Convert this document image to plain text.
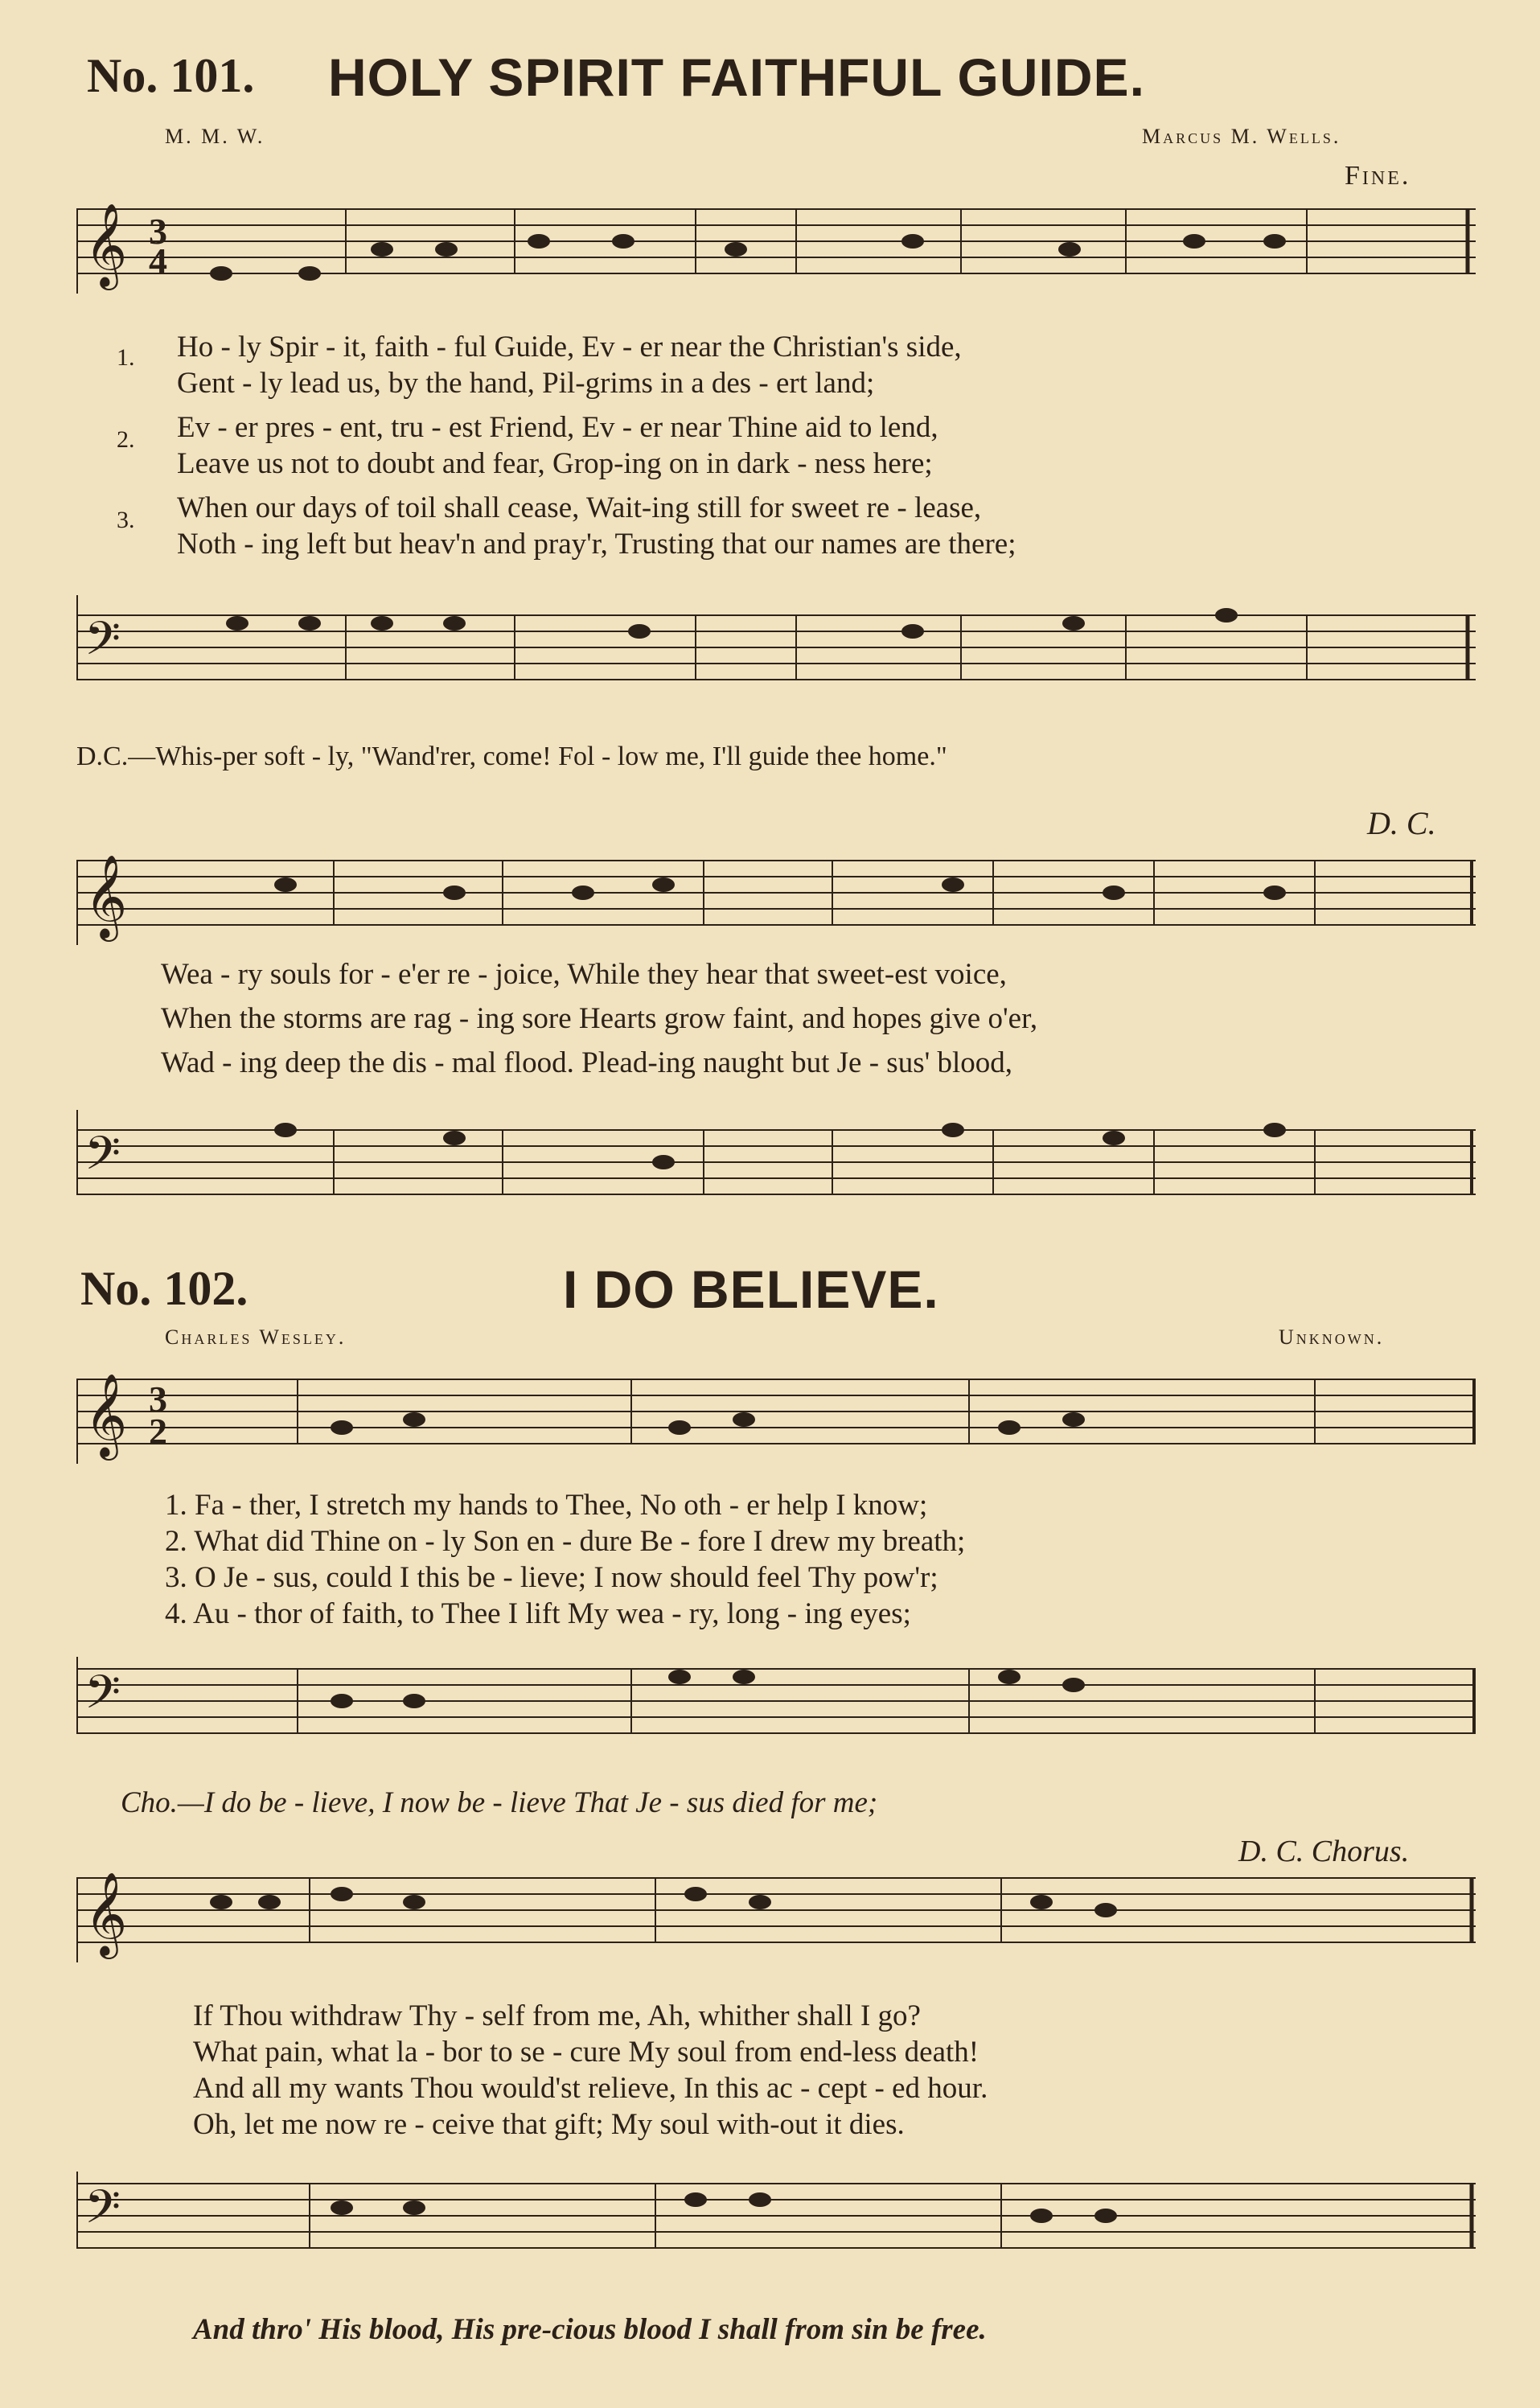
No. 101. HOLY SPIRIT FAITHFUL GUIDE.
M. M. W.	Marcus M. Wells.
Fine.
𝄞 3
4
1. Ho - ly Spir - it, faith - ful Guide, Ev - er near the Christian's side,
Gent - ly lead us, by the hand, Pil-grims in a des - ert land;
2. Ev - er pres - ent, tru - est Friend, Ev - er near Thine aid to lend,
Leave us not to doubt and fear, Grop-ing on in dark - ness here;
3. When our days of toil shall cease, Wait-ing still for sweet re - lease,
Noth - ing left but heav'n and pray'r, Trusting that our names are there;
𝄢
D.C.—Whis-per soft - ly, "Wand'rer, come! Fol - low me, I'll guide thee home."
D. C.
𝄞
Wea - ry souls for - e'er re - joice, While they hear that sweet-est voice,
When the storms are rag - ing sore Hearts grow faint, and hopes give o'er,
Wad - ing deep the dis - mal flood. Plead-ing naught but Je - sus' blood,
𝄢
No. 102.	I DO BELIEVE.
Charles Wesley.	Unknown.
𝄞 3
2
1. Fa - ther, I stretch my hands to Thee, No oth - er help I know;
2. What did Thine on - ly Son en - dure Be - fore I drew my breath;
3. O Je - sus, could I this be - lieve; I now should feel Thy pow'r;
4. Au - thor of faith, to Thee I lift My wea - ry, long - ing eyes;
𝄢
Cho.—I do be - lieve, I now be - lieve That Je - sus died for me;
D. C. Chorus.
𝄞
If Thou withdraw Thy - self from me, Ah, whither shall I go?
What pain, what la - bor to se - cure My soul from end-less death!
And all my wants Thou would'st relieve, In this ac - cept - ed hour.
Oh, let me now re - ceive that gift; My soul with-out it dies.
𝄢
And thro' His blood, His pre-cious blood I shall from sin be free.
